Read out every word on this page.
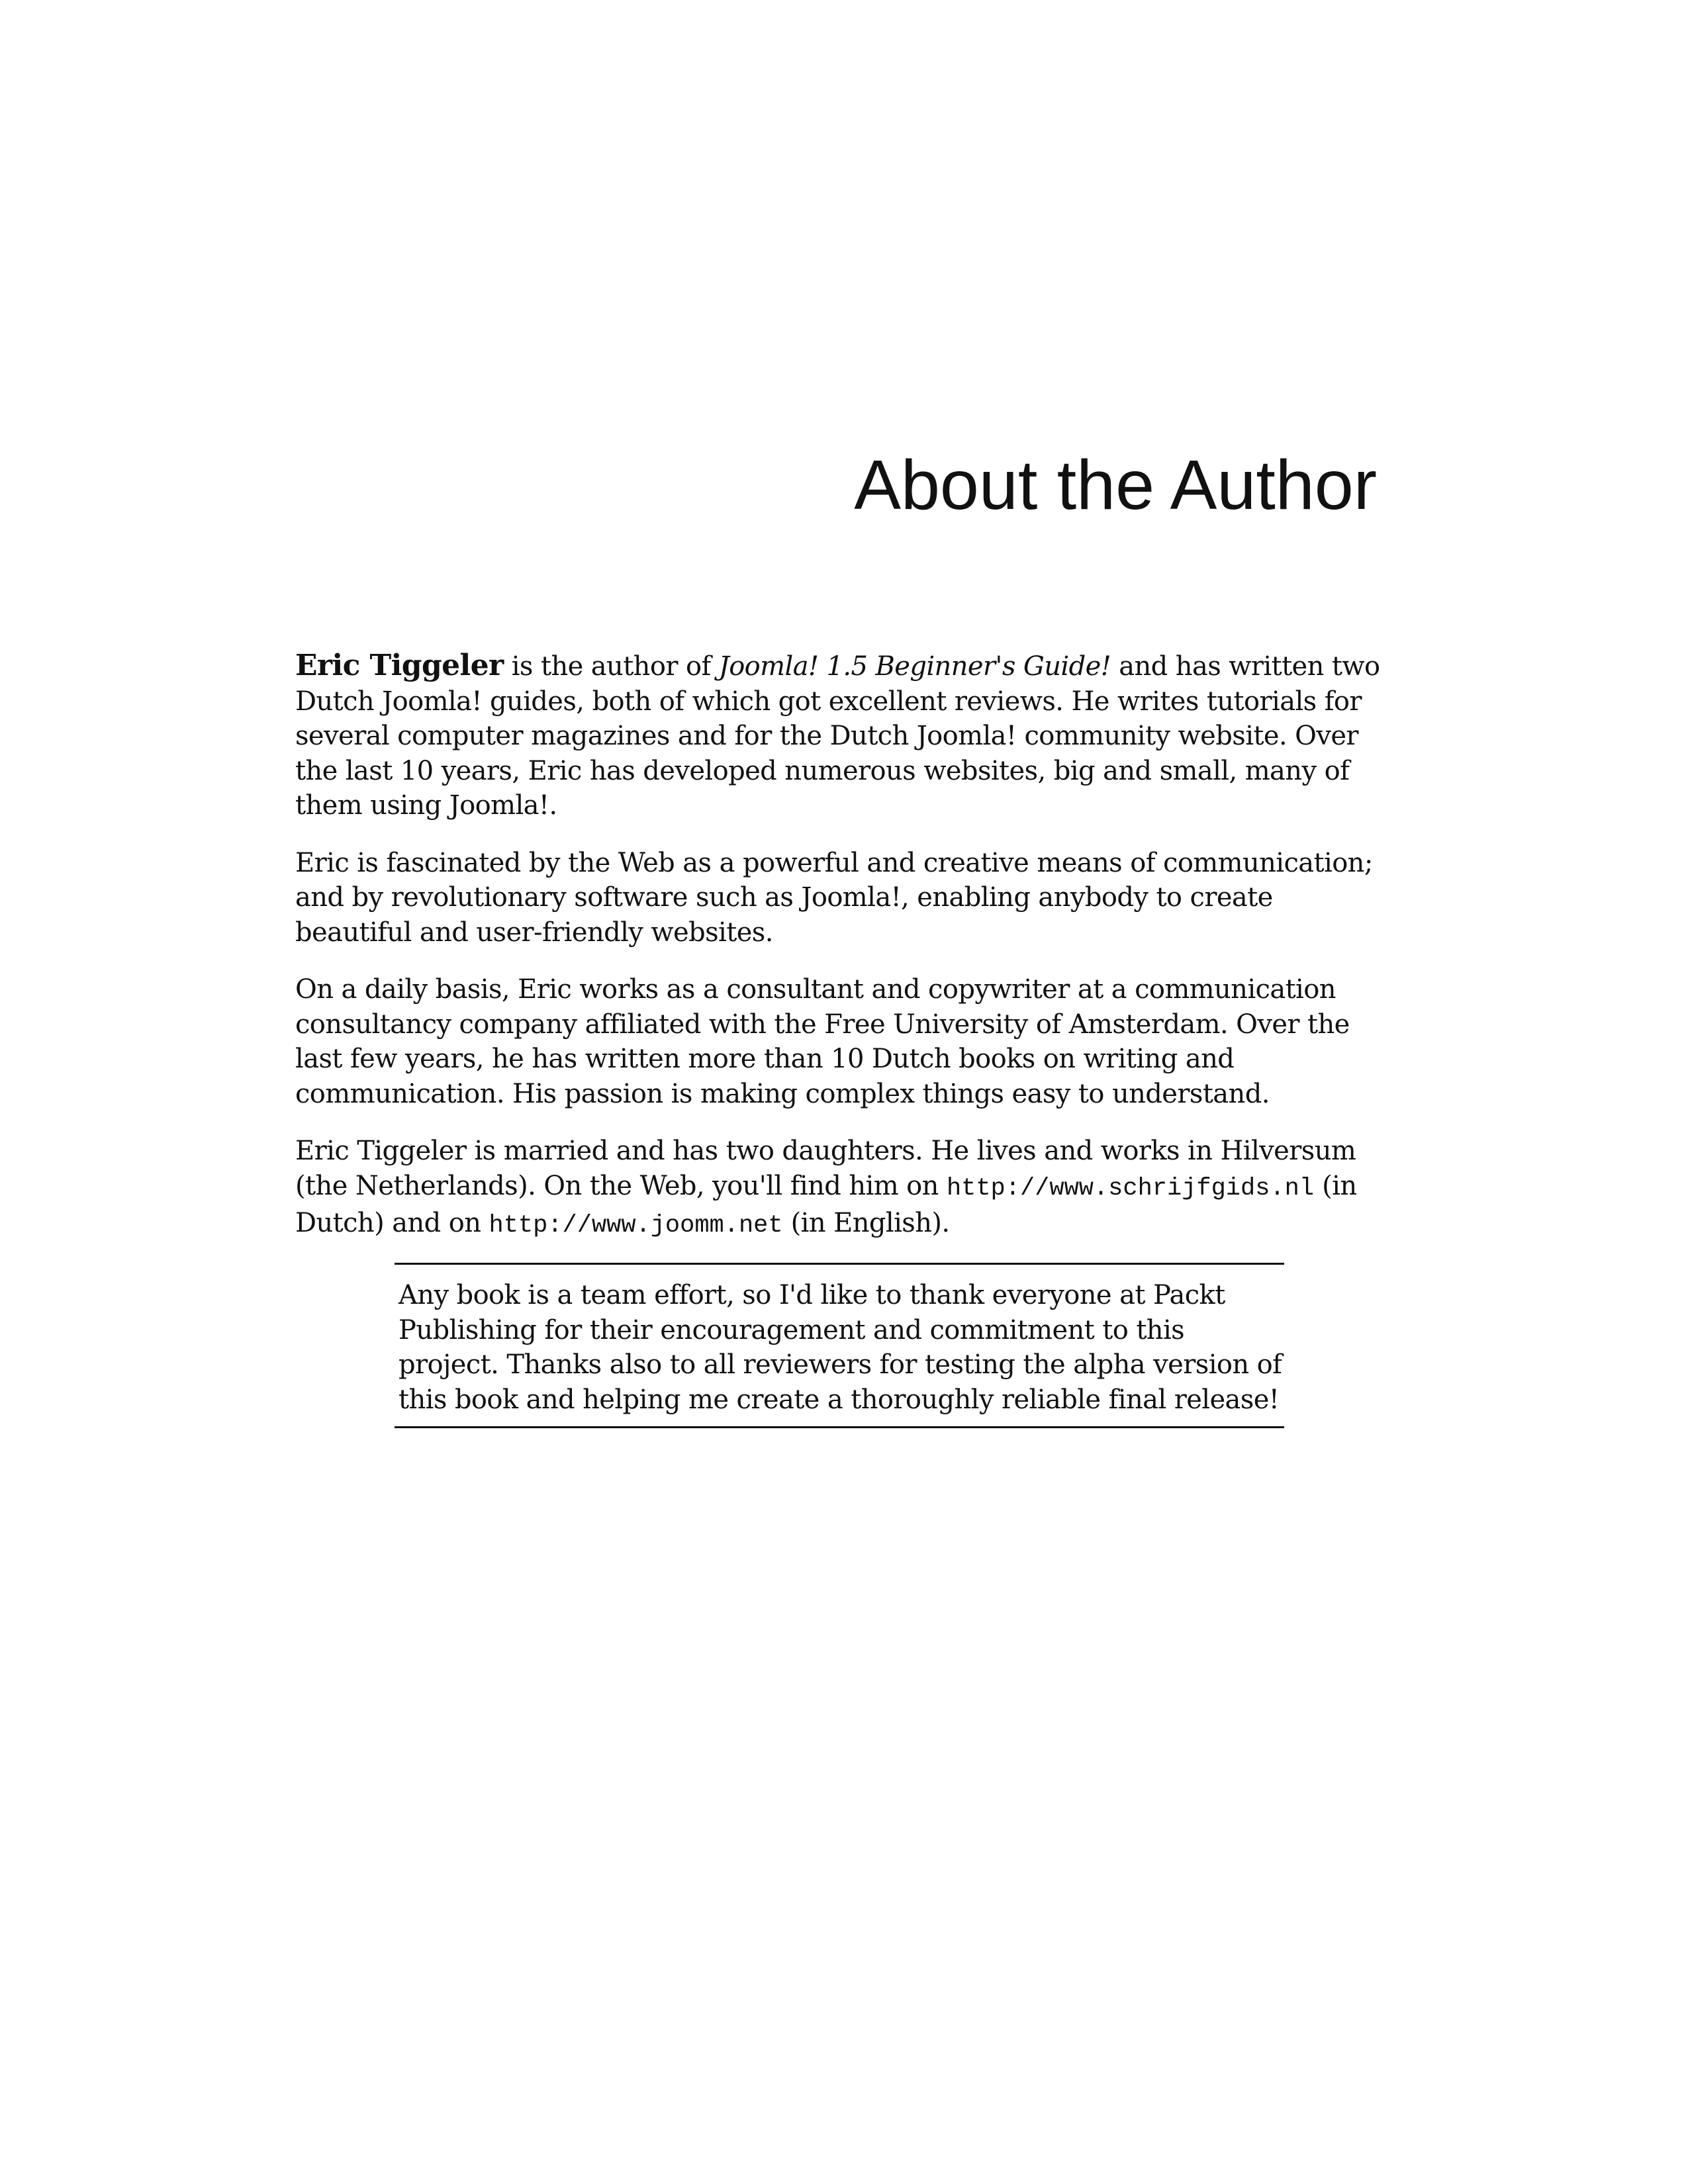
About the Author

Eric Tiggeler is the author of Joomla! 1.5 Beginner's Guide! and has written two Dutch Joomla! guides, both of which got excellent reviews. He writes tutorials for several computer magazines and for the Dutch Joomla! community website. Over the last 10 years, Eric has developed numerous websites, big and small, many of them using Joomla!.

Eric is fascinated by the Web as a powerful and creative means of communication; and by revolutionary software such as Joomla!, enabling anybody to create beautiful and user-friendly websites.

On a daily basis, Eric works as a consultant and copywriter at a communication consultancy company affiliated with the Free University of Amsterdam. Over the last few years, he has written more than 10 Dutch books on writing and communication. His passion is making complex things easy to understand.

Eric Tiggeler is married and has two daughters. He lives and works in Hilversum (the Netherlands). On the Web, you'll find him on http://www.schrijfgids.nl (in Dutch) and on http://www.joomm.net (in English).

Any book is a team effort, so I'd like to thank everyone at Packt Publishing for their encouragement and commitment to this project. Thanks also to all reviewers for testing the alpha version of this book and helping me create a thoroughly reliable final release!
